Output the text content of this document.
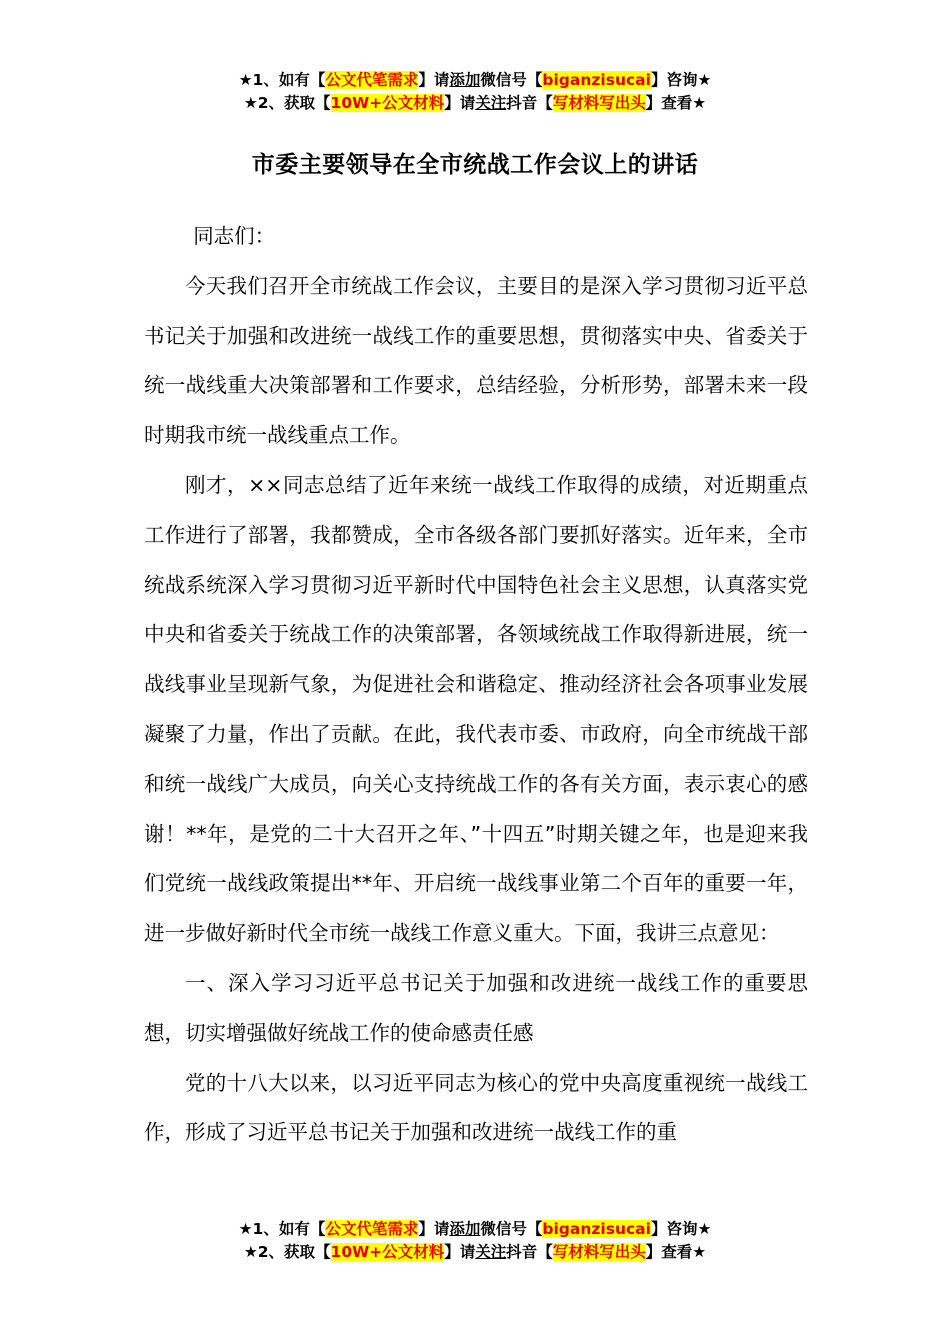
★1、如有【公文代笔需求】请添加微信号【biganzisucai】咨询★
★2、获取【10W+公文材料】请关注抖音【写材料写出头】查看★
市委主要领导在全市统战工作会议上的讲话

同志们：

今天我们召开全市统战工作会议，主要目的是深入学习贯彻习近平总书记关于加强和改进统一战线工作的重要思想，贯彻落实中央、省委关于统一战线重大决策部署和工作要求，总结经验，分析形势，部署未来一段时期我市统一战线重点工作。

刚才，××同志总结了近年来统一战线工作取得的成绩，对近期重点工作进行了部署，我都赞成，全市各级各部门要抓好落实。近年来，全市统战系统深入学习贯彻习近平新时代中国特色社会主义思想，认真落实党中央和省委关于统战工作的决策部署，各领域统战工作取得新进展，统一战线事业呈现新气象，为促进社会和谐稳定、推动经济社会各项事业发展凝聚了力量，作出了贡献。在此，我代表市委、市政府，向全市统战干部和统一战线广大成员，向关心支持统战工作的各有关方面，表示衷心的感谢！**年，是党的二十大召开之年、”十四五”时期关键之年，也是迎来我们党统一战线政策提出**年、开启统一战线事业第二个百年的重要一年，进一步做好新时代全市统一战线工作意义重大。下面，我讲三点意见：

一、深入学习习近平总书记关于加强和改进统一战线工作的重要思想，切实增强做好统战工作的使命感责任感

党的十八大以来，以习近平同志为核心的党中央高度重视统一战线工作，形成了习近平总书记关于加强和改进统一战线工作的重

★1、如有【公文代笔需求】请添加微信号【biganzisucai】咨询★
★2、获取【10W+公文材料】请关注抖音【写材料写出头】查看★
